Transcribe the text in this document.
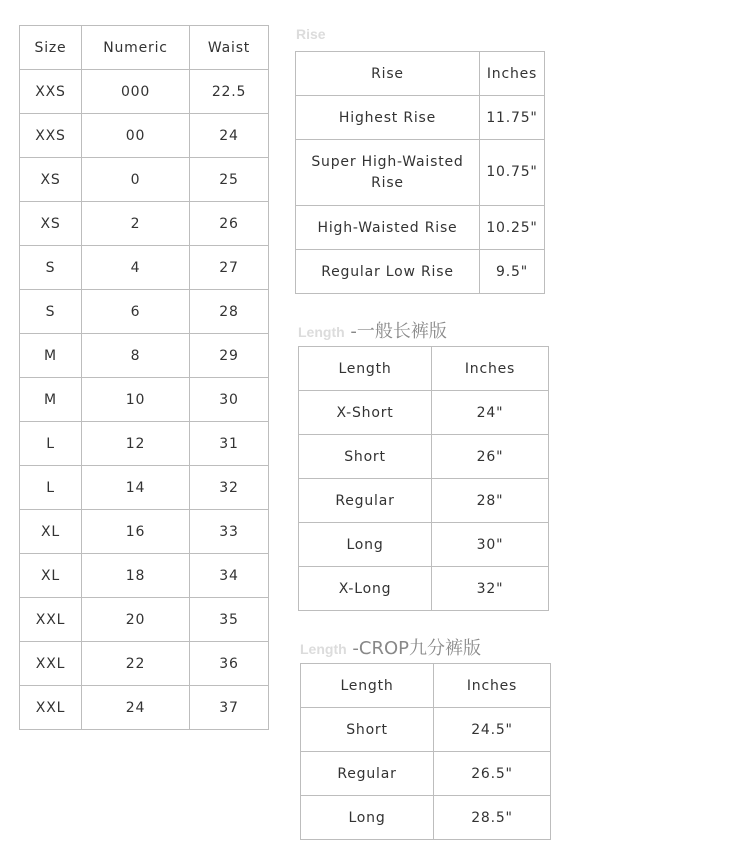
Size	Numeric	Waist
XXS	000	22.5
XXS	00	24
XS	0	25
XS	2	26
S	4	27
S	6	28
M	8	29
M	10	30
L	12	31
L	14	32
XL	16	33
XL	18	34
XXL	20	35
XXL	22	36
XXL	24	37
Rise
Rise	Inches
Highest Rise	11.75"
Super High-Waisted Rise	10.75"
High-Waisted Rise	10.25"
Regular Low Rise	9.5"
Length -一般长裤版
Length	Inches
X-Short	24"
Short	26"
Regular	28"
Long	30"
X-Long	32"
Length -CROP九分裤版
Length	Inches
Short	24.5"
Regular	26.5"
Long	28.5"
